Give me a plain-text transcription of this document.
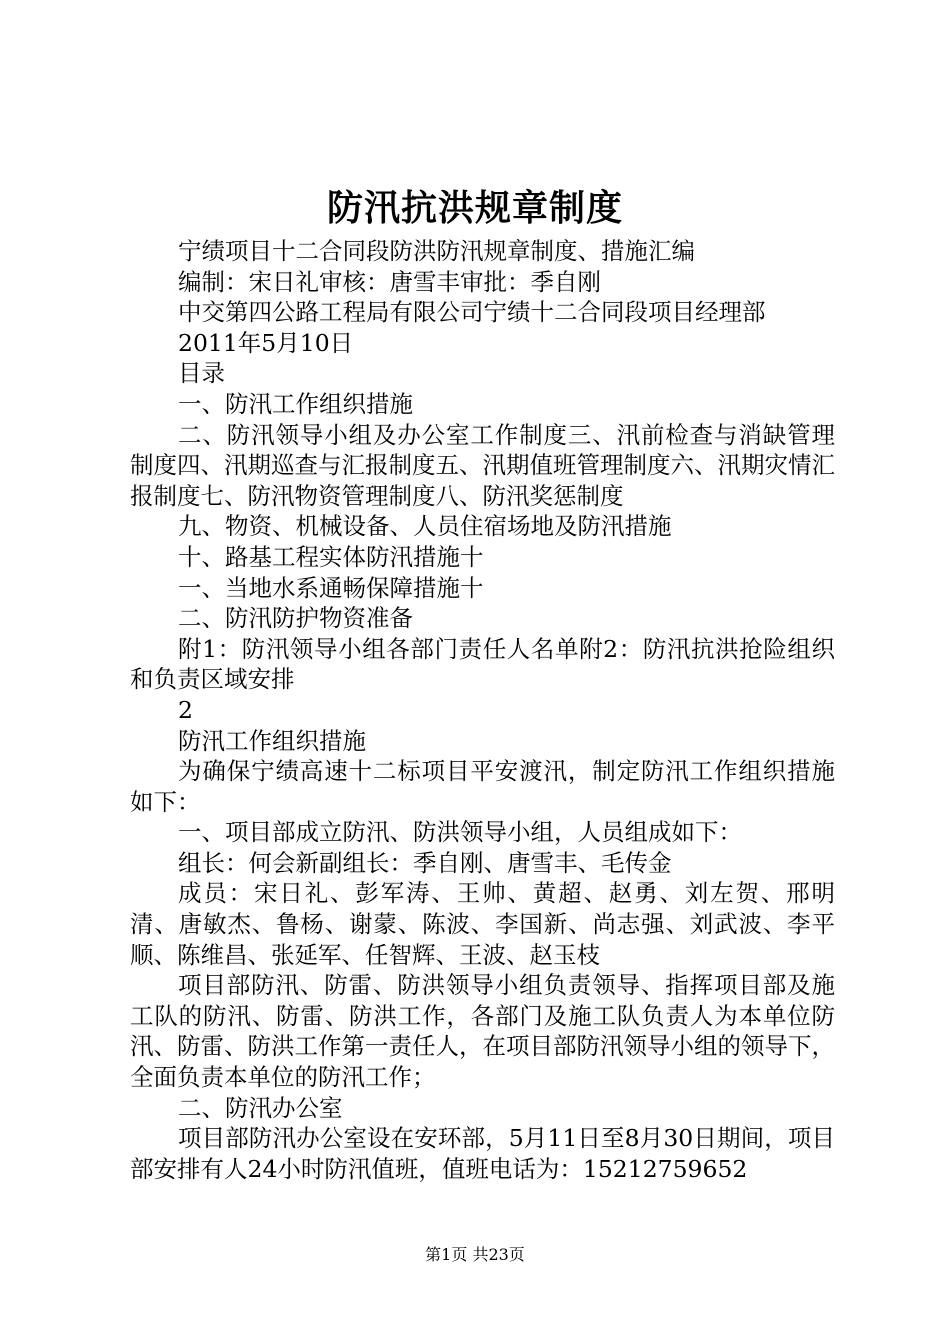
防汛抗洪规章制度

宁绩项目十二合同段防洪防汛规章制度、措施汇编

编制：宋日礼审核：唐雪丰审批：季自刚

中交第四公路工程局有限公司宁绩十二合同段项目经理部

2011年5月10日

目录

一、防汛工作组织措施

二、防汛领导小组及办公室工作制度三、汛前检查与消缺管理制度四、汛期巡查与汇报制度五、汛期值班管理制度六、汛期灾情汇报制度七、防汛物资管理制度八、防汛奖惩制度

九、物资、机械设备、人员住宿场地及防汛措施

十、路基工程实体防汛措施十

一、当地水系通畅保障措施十

二、防汛防护物资准备

附1：防汛领导小组各部门责任人名单附2：防汛抗洪抢险组织和负责区域安排

2

防汛工作组织措施

为确保宁绩高速十二标项目平安渡汛，制定防汛工作组织措施如下：

一、项目部成立防汛、防洪领导小组，人员组成如下：

组长：何会新副组长：季自刚、唐雪丰、毛传金

成员：宋日礼、彭军涛、王帅、黄超、赵勇、刘左贺、邢明清、唐敏杰、鲁杨、谢蒙、陈波、李国新、尚志强、刘武波、李平顺、陈维昌、张延军、任智辉、王波、赵玉枝

项目部防汛、防雷、防洪领导小组负责领导、指挥项目部及施工队的防汛、防雷、防洪工作，各部门及施工队负责人为本单位防汛、防雷、防洪工作第一责任人，在项目部防汛领导小组的领导下，全面负责本单位的防汛工作；

二、防汛办公室

项目部防汛办公室设在安环部，5月11日至8月30日期间，项目部安排有人24小时防汛值班，值班电话为：15212759652

第1页 共23页
